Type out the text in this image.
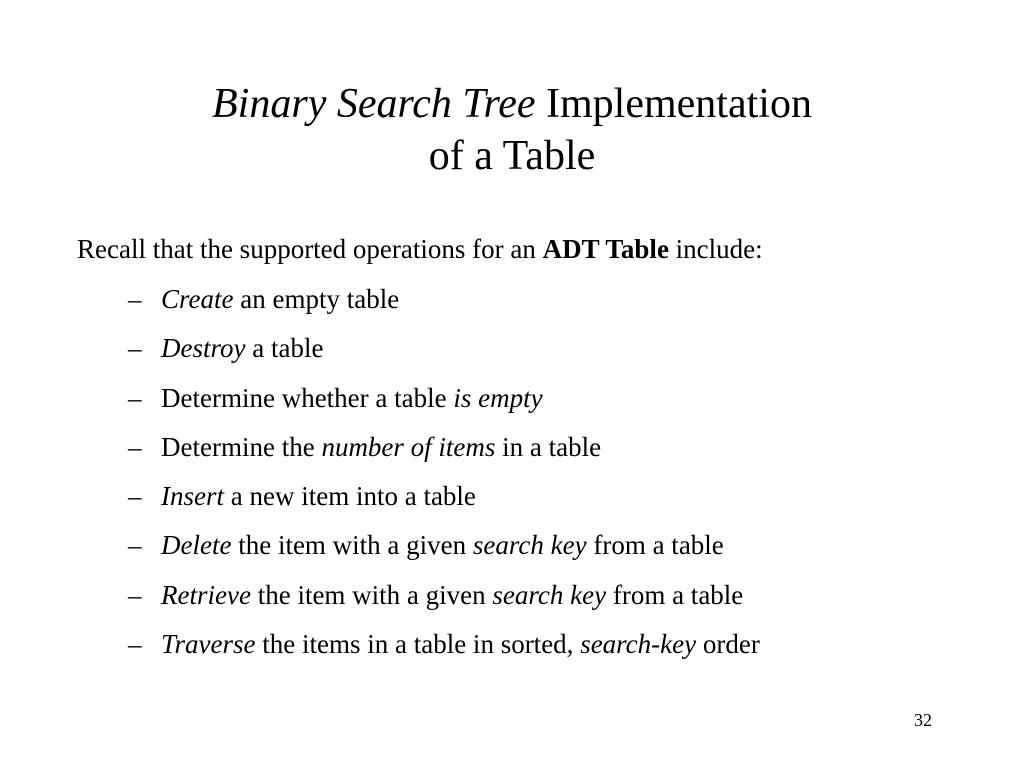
Binary Search Tree Implementation
of a Table
Recall that the supported operations for an ADT Table include:
– Create an empty table
– Destroy a table
– Determine whether a table is empty
– Determine the number of items in a table
– Insert a new item into a table
– Delete the item with a given search key from a table
– Retrieve the item with a given search key from a table
– Traverse the items in a table in sorted, search-key order
32
